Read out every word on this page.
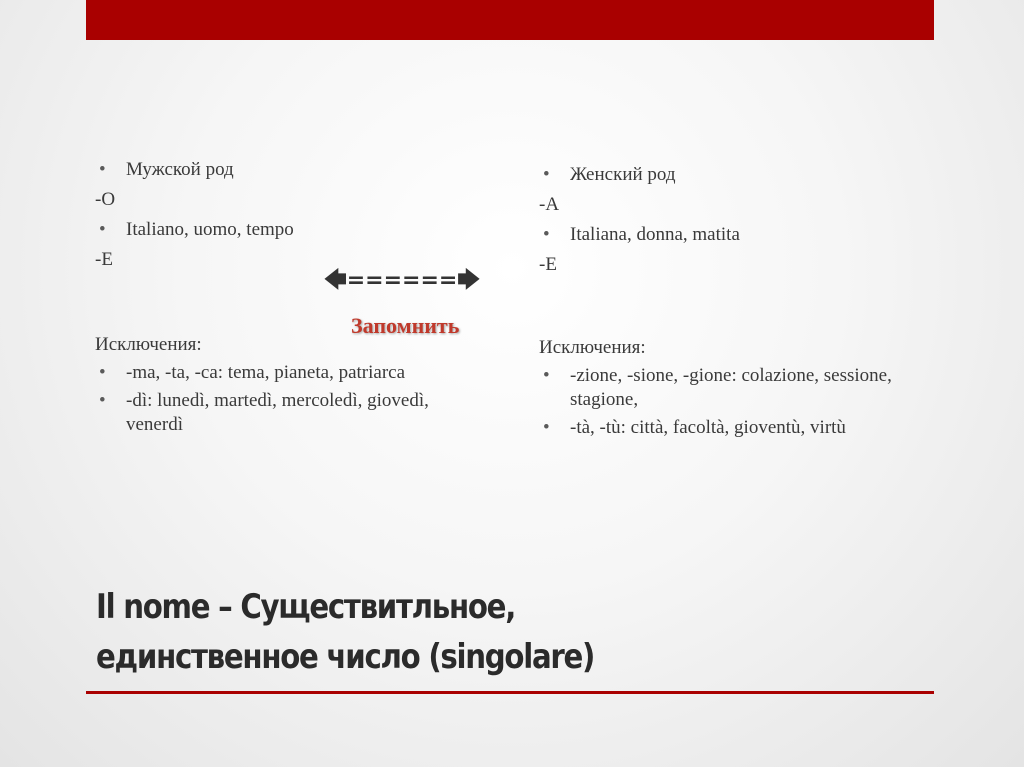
• Мужской род
-O
• Italiano, uomo, tempo
-E
Исключения:
• -ma, -ta, -ca: tema, pianeta, patriarca
• -dì: lunedì, martedì, mercoledì, giovedì, venerdì
🡄======🡆
Запомнить
• Женский род
-A
• Italiana, donna, matita
-E
Исключения:
• -zione, -sione, -gione: colazione, sessione, stagione,
• -tà, -tù: città, facoltà, gioventù, virtù
Il nome – Существитльное,
единственное число (singolare)
